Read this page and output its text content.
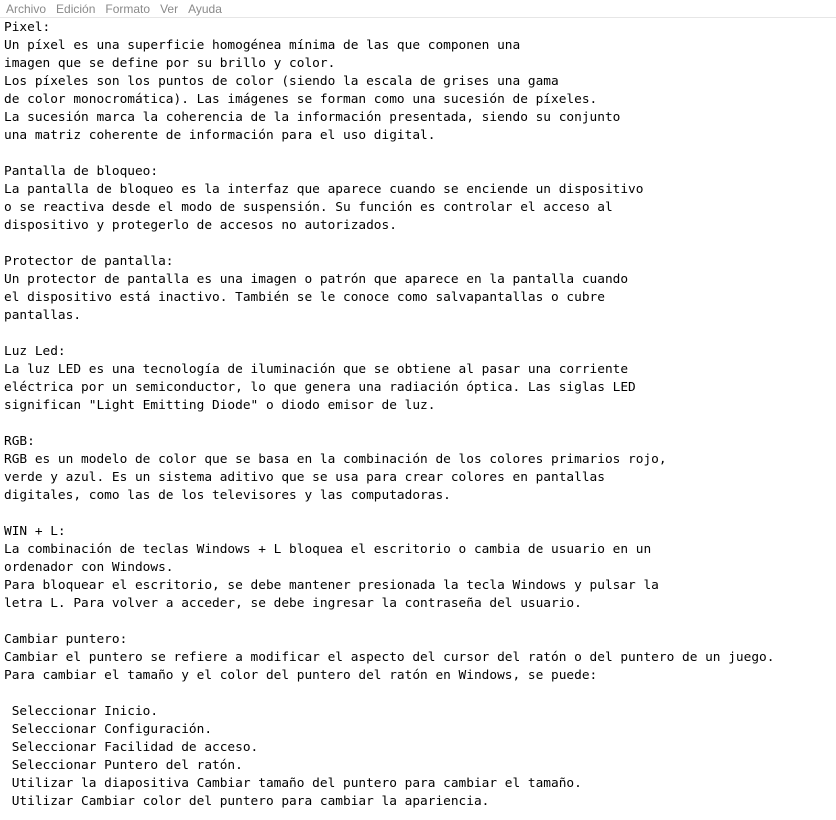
Archivo Edición Formato Ver Ayuda
Pixel:
Un píxel es una superficie homogénea mínima de las que componen una
imagen que se define por su brillo y color.
Los píxeles son los puntos de color (siendo la escala de grises una gama
de color monocromática). Las imágenes se forman como una sucesión de píxeles.
La sucesión marca la coherencia de la información presentada, siendo su conjunto
una matriz coherente de información para el uso digital.

Pantalla de bloqueo:
La pantalla de bloqueo es la interfaz que aparece cuando se enciende un dispositivo
o se reactiva desde el modo de suspensión. Su función es controlar el acceso al
dispositivo y protegerlo de accesos no autorizados.

Protector de pantalla:
Un protector de pantalla es una imagen o patrón que aparece en la pantalla cuando
el dispositivo está inactivo. También se le conoce como salvapantallas o cubre
pantallas.

Luz Led:
La luz LED es una tecnología de iluminación que se obtiene al pasar una corriente
eléctrica por un semiconductor, lo que genera una radiación óptica. Las siglas LED
significan "Light Emitting Diode" o diodo emisor de luz.

RGB:
RGB es un modelo de color que se basa en la combinación de los colores primarios rojo,
verde y azul. Es un sistema aditivo que se usa para crear colores en pantallas
digitales, como las de los televisores y las computadoras.

WIN + L:
La combinación de teclas Windows + L bloquea el escritorio o cambia de usuario en un
ordenador con Windows.
Para bloquear el escritorio, se debe mantener presionada la tecla Windows y pulsar la
letra L. Para volver a acceder, se debe ingresar la contraseña del usuario.

Cambiar puntero:
Cambiar el puntero se refiere a modificar el aspecto del cursor del ratón o del puntero de un juego.
Para cambiar el tamaño y el color del puntero del ratón en Windows, se puede:

Seleccionar Inicio.
Seleccionar Configuración.
Seleccionar Facilidad de acceso.
Seleccionar Puntero del ratón.
Utilizar la diapositiva Cambiar tamaño del puntero para cambiar el tamaño.
Utilizar Cambiar color del puntero para cambiar la apariencia.
